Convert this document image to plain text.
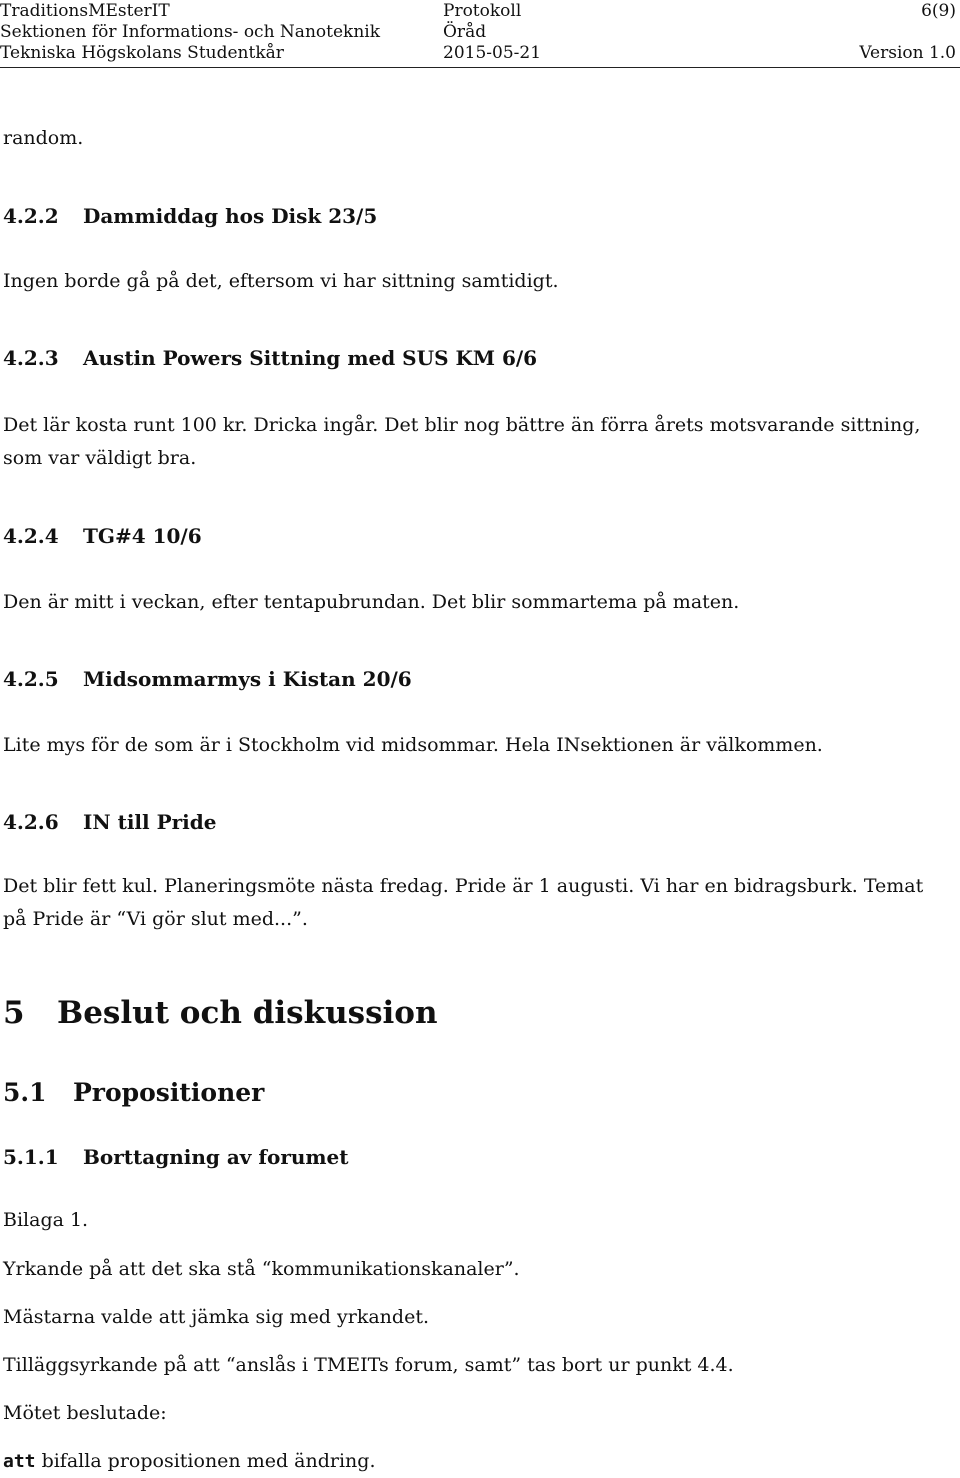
TraditionsMEsterIT	Protokoll	6(9)
Sektionen för Informations- och Nanoteknik	Öråd
Tekniska Högskolans Studentkår	2015-05-21	Version 1.0
random.
4.2.2 Dammiddag hos Disk 23/5
Ingen borde gå på det, eftersom vi har sittning samtidigt.
4.2.3 Austin Powers Sittning med SUS KM 6/6
Det lär kosta runt 100 kr. Dricka ingår. Det blir nog bättre än förra årets motsvarande sittning,
som var väldigt bra.
4.2.4 TG#4 10/6
Den är mitt i veckan, efter tentapubrundan. Det blir sommartema på maten.
4.2.5 Midsommarmys i Kistan 20/6
Lite mys för de som är i Stockholm vid midsommar. Hela INsektionen är välkommen.
4.2.6 IN till Pride
Det blir fett kul. Planeringsmöte nästa fredag. Pride är 1 augusti. Vi har en bidragsburk. Temat
på Pride är “Vi gör slut med...”.
5 Beslut och diskussion
5.1 Propositioner
5.1.1 Borttagning av forumet
Bilaga 1.
Yrkande på att det ska stå “kommunikationskanaler”.
Mästarna valde att jämka sig med yrkandet.
Tilläggsyrkande på att “anslås i TMEITs forum, samt” tas bort ur punkt 4.4.
Mötet beslutade:
att bifalla propositionen med ändring.
